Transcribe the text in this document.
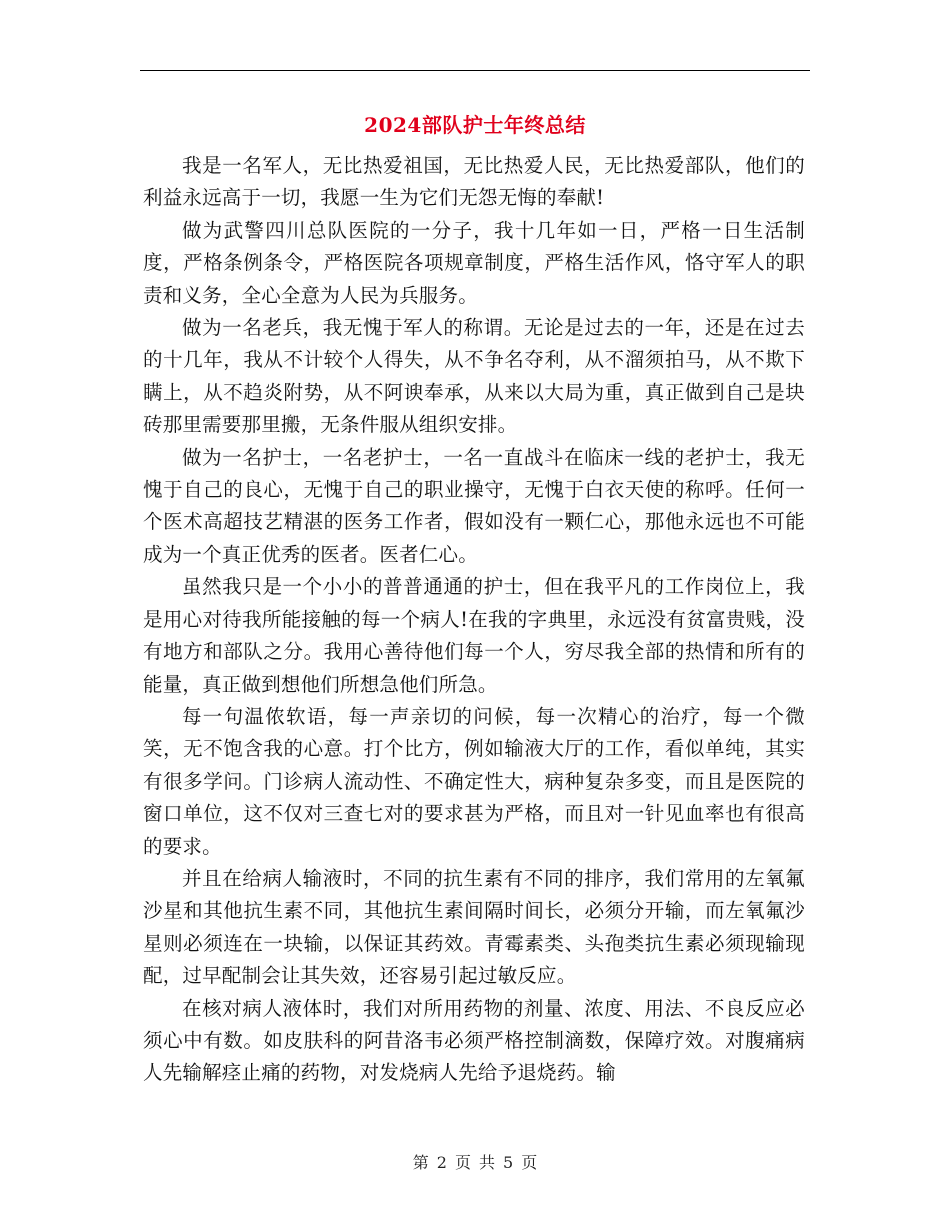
2024部队护士年终总结

我是一名军人，无比热爱祖国，无比热爱人民，无比热爱部队，他们的利益永远高于一切，我愿一生为它们无怨无悔的奉献!

做为武警四川总队医院的一分子，我十几年如一日，严格一日生活制度，严格条例条令，严格医院各项规章制度，严格生活作风，恪守军人的职责和义务，全心全意为人民为兵服务。

做为一名老兵，我无愧于军人的称谓。无论是过去的一年，还是在过去的十几年，我从不计较个人得失，从不争名夺利，从不溜须拍马，从不欺下瞒上，从不趋炎附势，从不阿谀奉承，从来以大局为重，真正做到自己是块砖那里需要那里搬，无条件服从组织安排。

做为一名护士，一名老护士，一名一直战斗在临床一线的老护士，我无愧于自己的良心，无愧于自己的职业操守，无愧于白衣天使的称呼。任何一个医术高超技艺精湛的医务工作者，假如没有一颗仁心，那他永远也不可能成为一个真正优秀的医者。医者仁心。

虽然我只是一个小小的普普通通的护士，但在我平凡的工作岗位上，我是用心对待我所能接触的每一个病人!在我的字典里，永远没有贫富贵贱，没有地方和部队之分。我用心善待他们每一个人，穷尽我全部的热情和所有的能量，真正做到想他们所想急他们所急。

每一句温侬软语，每一声亲切的问候，每一次精心的治疗，每一个微笑，无不饱含我的心意。打个比方，例如输液大厅的工作，看似单纯，其实有很多学问。门诊病人流动性、不确定性大，病种复杂多变，而且是医院的窗口单位，这不仅对三查七对的要求甚为严格，而且对一针见血率也有很高的要求。

并且在给病人输液时，不同的抗生素有不同的排序，我们常用的左氧氟沙星和其他抗生素不同，其他抗生素间隔时间长，必须分开输，而左氧氟沙星则必须连在一块输，以保证其药效。青霉素类、头孢类抗生素必须现输现配，过早配制会让其失效，还容易引起过敏反应。

在核对病人液体时，我们对所用药物的剂量、浓度、用法、不良反应必须心中有数。如皮肤科的阿昔洛韦必须严格控制滴数，保障疗效。对腹痛病人先输解痉止痛的药物，对发烧病人先给予退烧药。输

第 2 页 共 5 页
